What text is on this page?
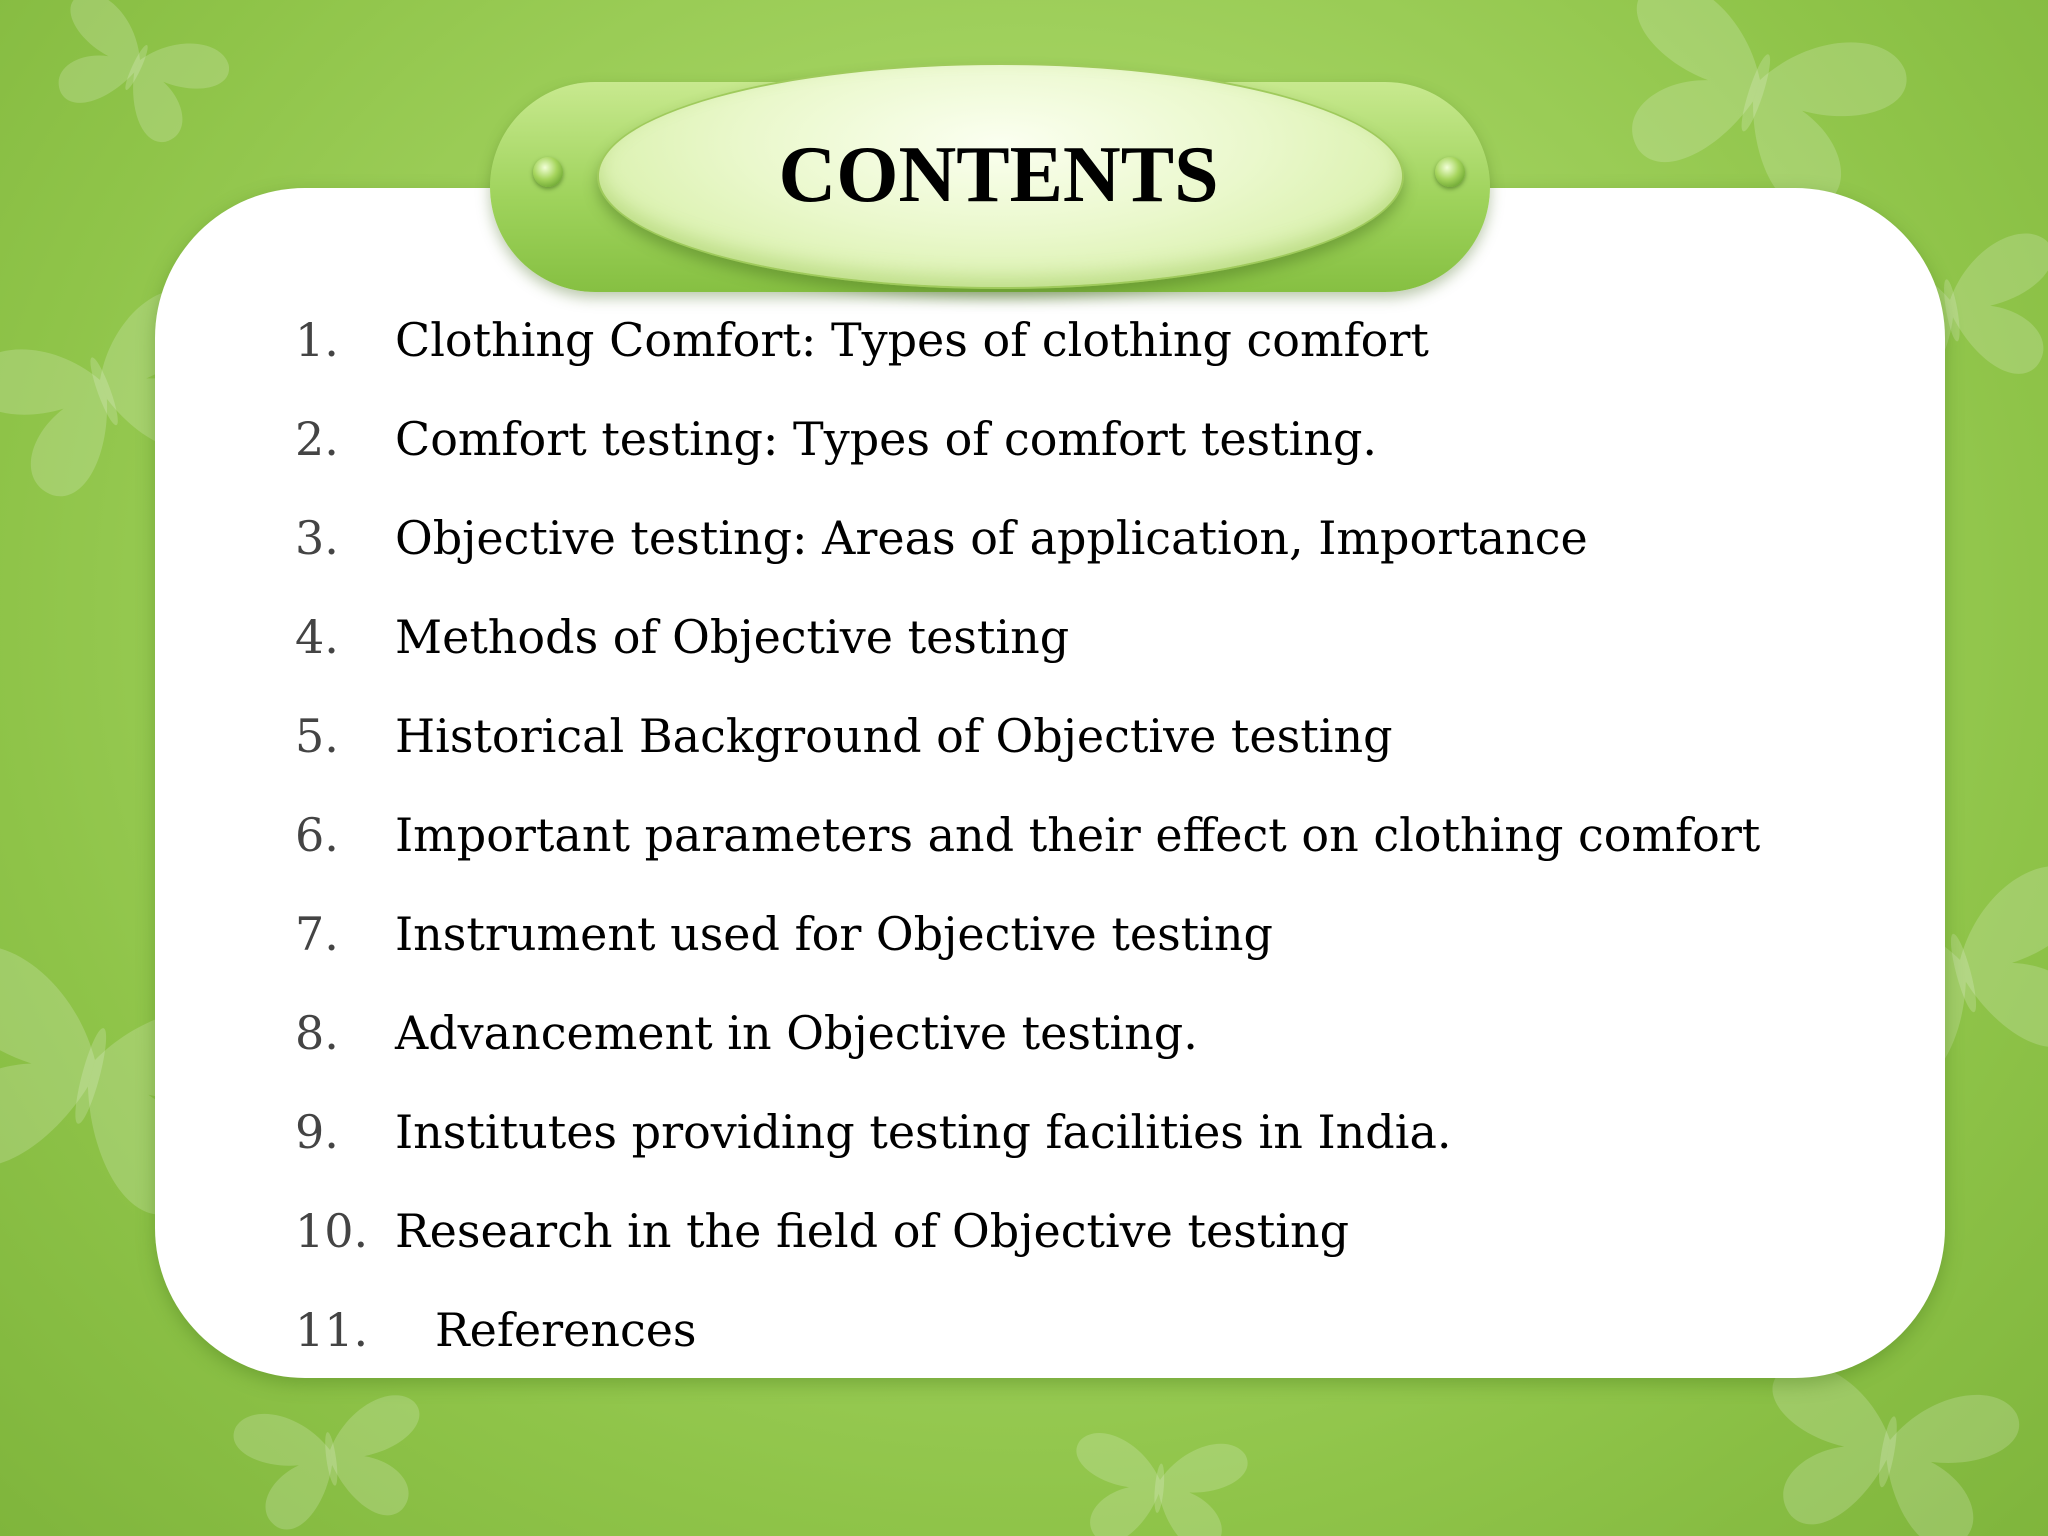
CONTENTS
1.	Clothing Comfort: Types of clothing comfort
2.	Comfort testing: Types of comfort testing.
3.	Objective testing: Areas of application, Importance
4.	Methods of Objective testing
5.	Historical Background of Objective testing
6.	Important parameters and their effect on clothing comfort
7.	Instrument used for Objective testing
8.	Advancement in Objective testing.
9.	Institutes providing testing facilities in India.
10. Research in the field of Objective testing
11.	References
